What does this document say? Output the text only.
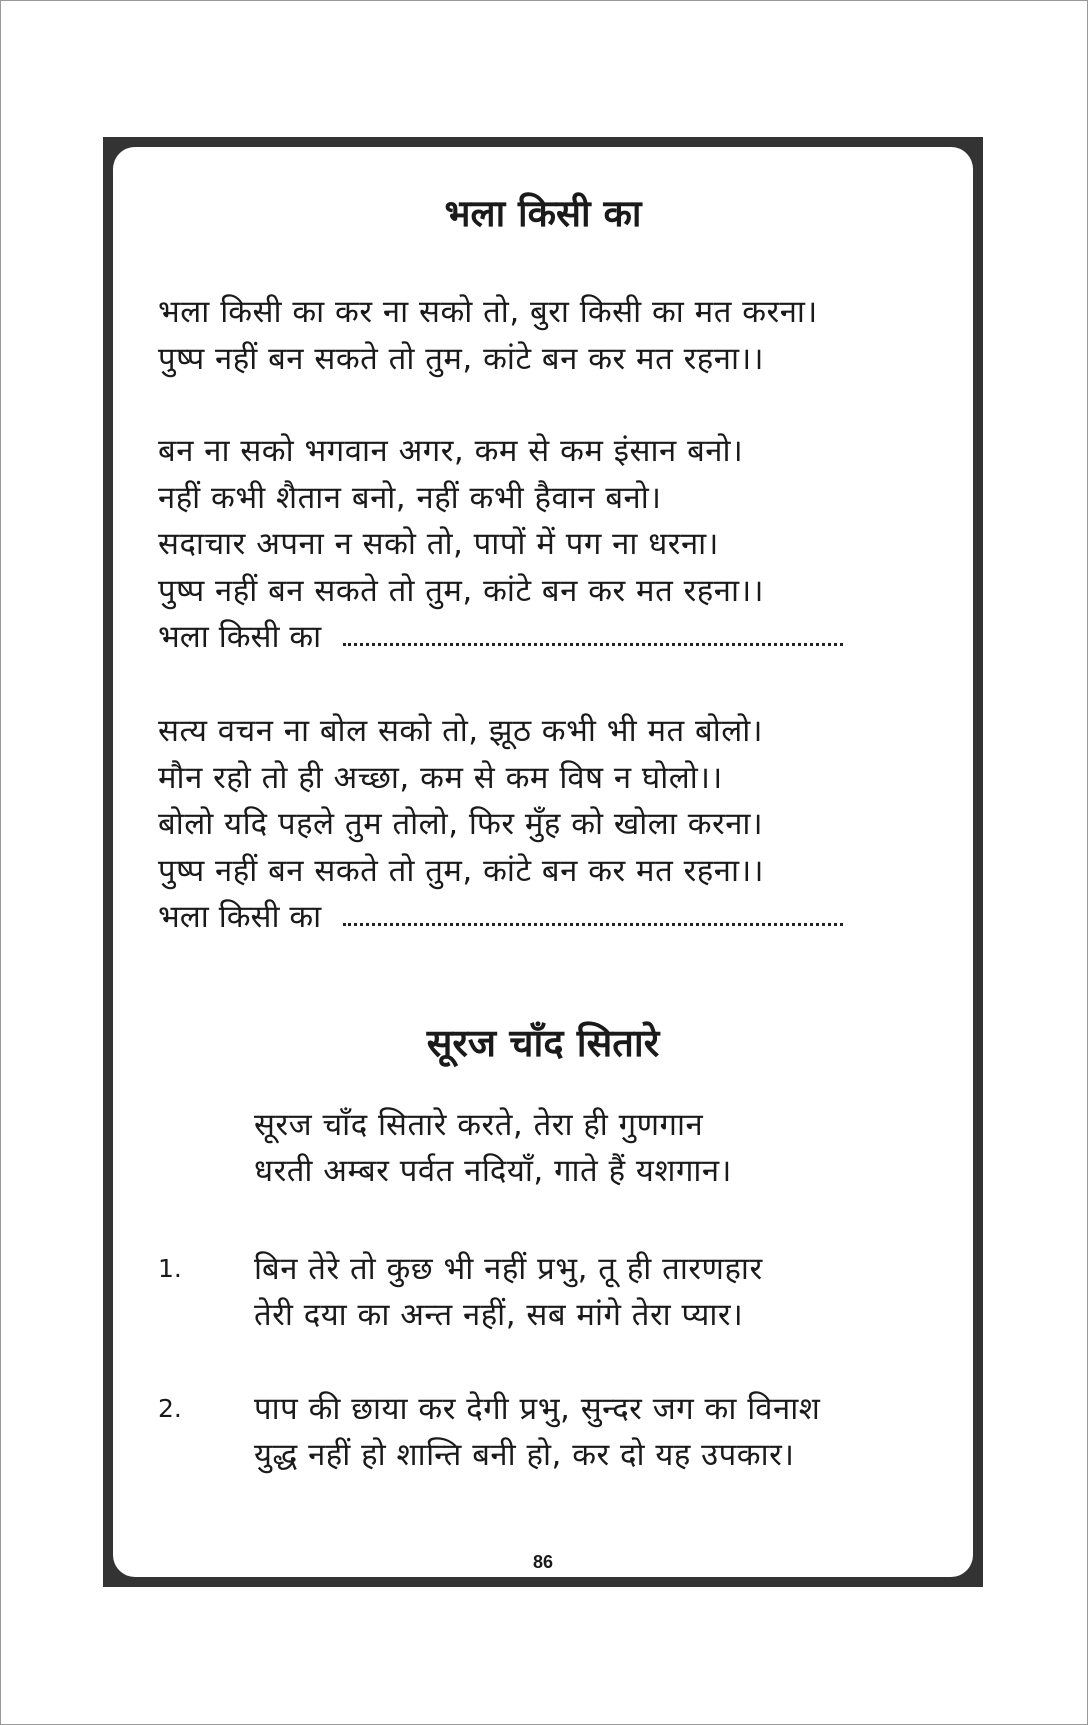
भला किसी का
भला किसी का कर ना सको तो, बुरा किसी का मत करना।
पुष्प नहीं बन सकते तो तुम, कांटे बन कर मत रहना।।
बन ना सको भगवान अगर, कम से कम इंसान बनो।
नहीं कभी शैतान बनो, नहीं कभी हैवान बनो।
सदाचार अपना न सको तो, पापों में पग ना धरना।
पुष्प नहीं बन सकते तो तुम, कांटे बन कर मत रहना।।
भला किसी का
सत्य वचन ना बोल सको तो, झूठ कभी भी मत बोलो।
मौन रहो तो ही अच्छा, कम से कम विष न घोलो।।
बोलो यदि पहले तुम तोलो, फिर मुँह को खोला करना।
पुष्प नहीं बन सकते तो तुम, कांटे बन कर मत रहना।।
भला किसी का
सूरज चाँद सितारे
सूरज चाँद सितारे करते, तेरा ही गुणगान
धरती अम्बर पर्वत नदियाँ, गाते हैं यशगान।
1. बिन तेरे तो कुछ भी नहीं प्रभु, तू ही तारणहार
तेरी दया का अन्त नहीं, सब मांगे तेरा प्यार।
2. पाप की छाया कर देगी प्रभु, सुन्दर जग का विनाश
युद्ध नहीं हो शान्ति बनी हो, कर दो यह उपकार।
86
